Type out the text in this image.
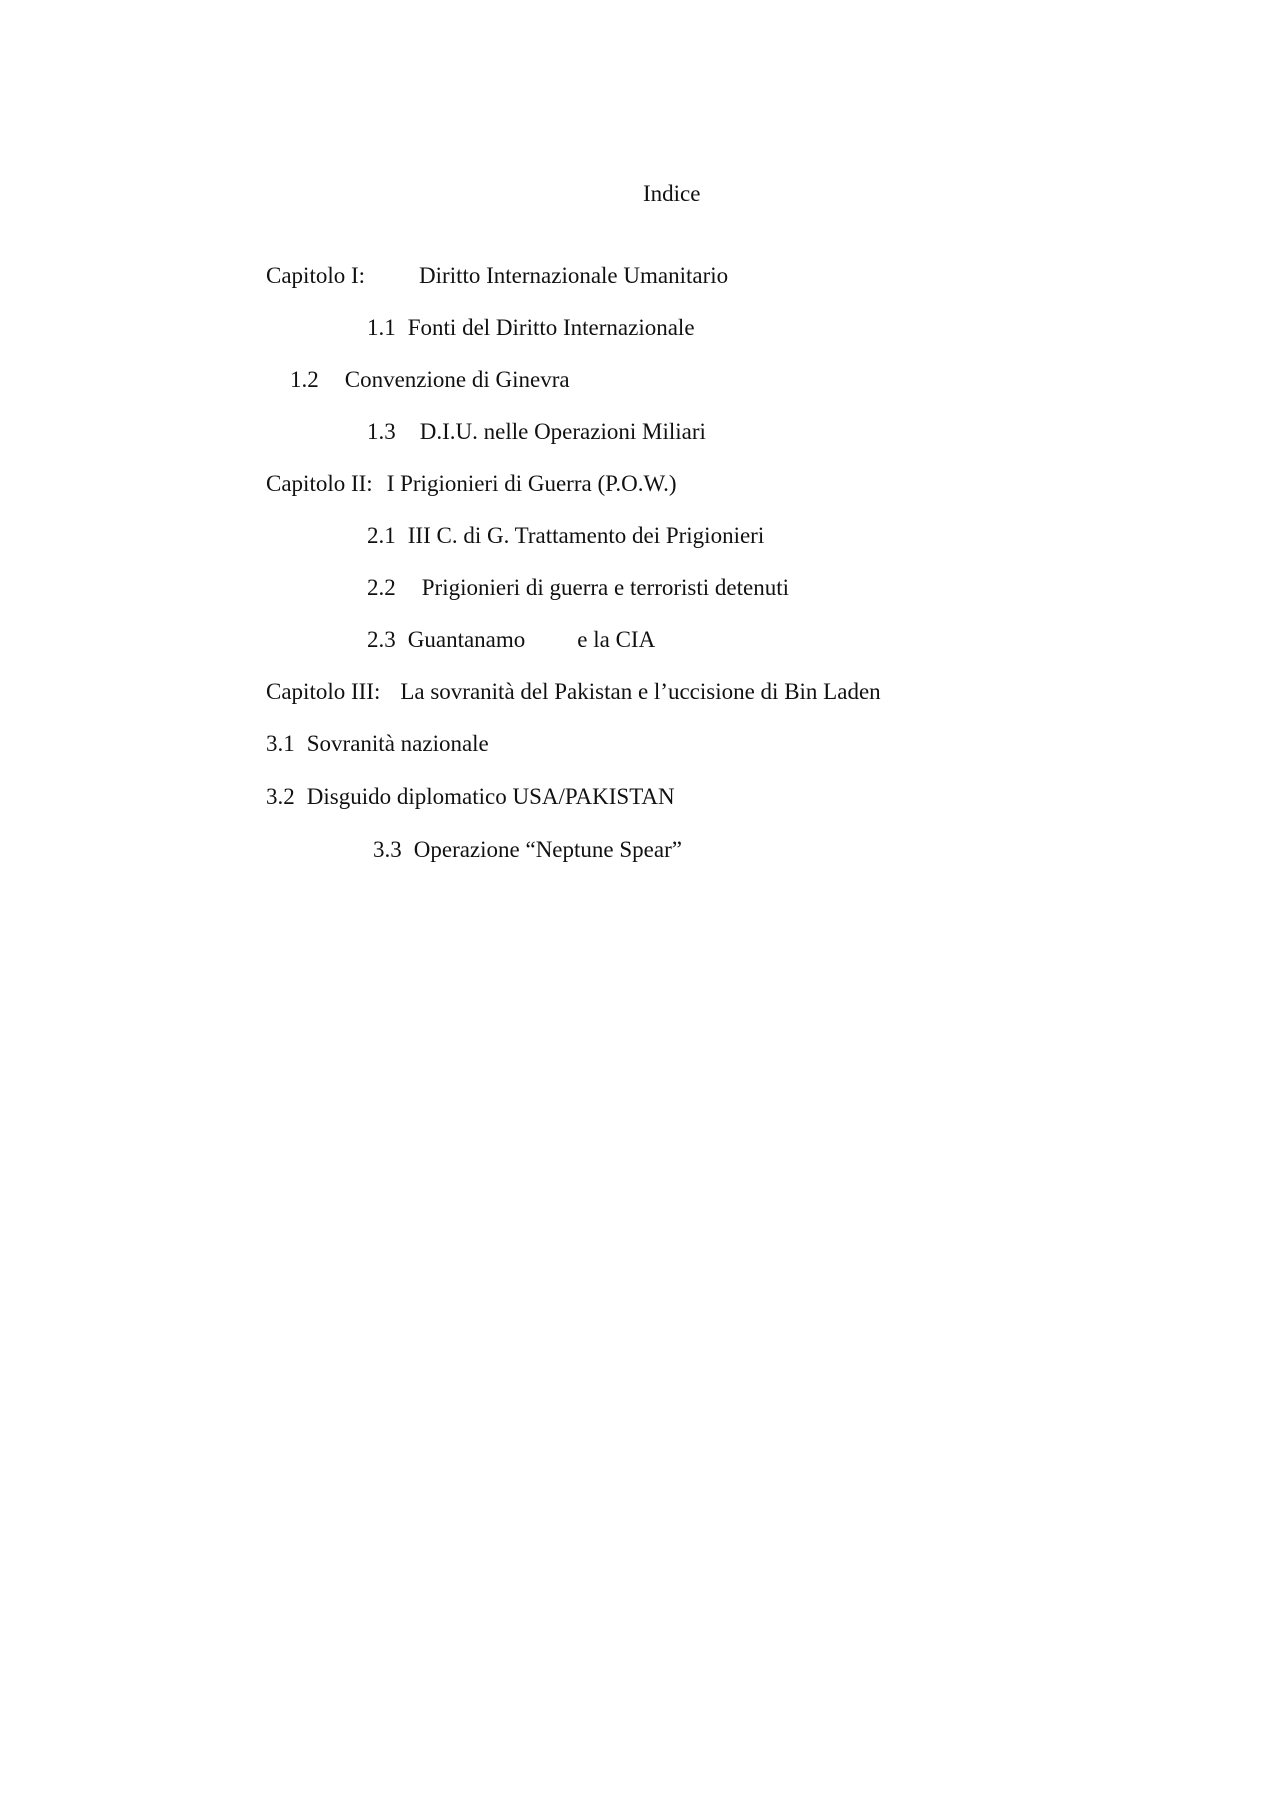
Indice

Capitolo I: Diritto Internazionale Umanitario

1.1 Fonti del Diritto Internazionale

1.2 Convenzione di Ginevra

1.3 D.I.U. nelle Operazioni Miliari

Capitolo II: I Prigionieri di Guerra (P.O.W.)

2.1 III C. di G. Trattamento dei Prigionieri

2.2 Prigionieri di guerra e terroristi detenuti

2.3 Guantanamo e la CIA

Capitolo III: La sovranità del Pakistan e l’uccisione di Bin Laden

3.1 Sovranità nazionale

3.2 Disguido diplomatico USA/PAKISTAN

3.3 Operazione “Neptune Spear”
